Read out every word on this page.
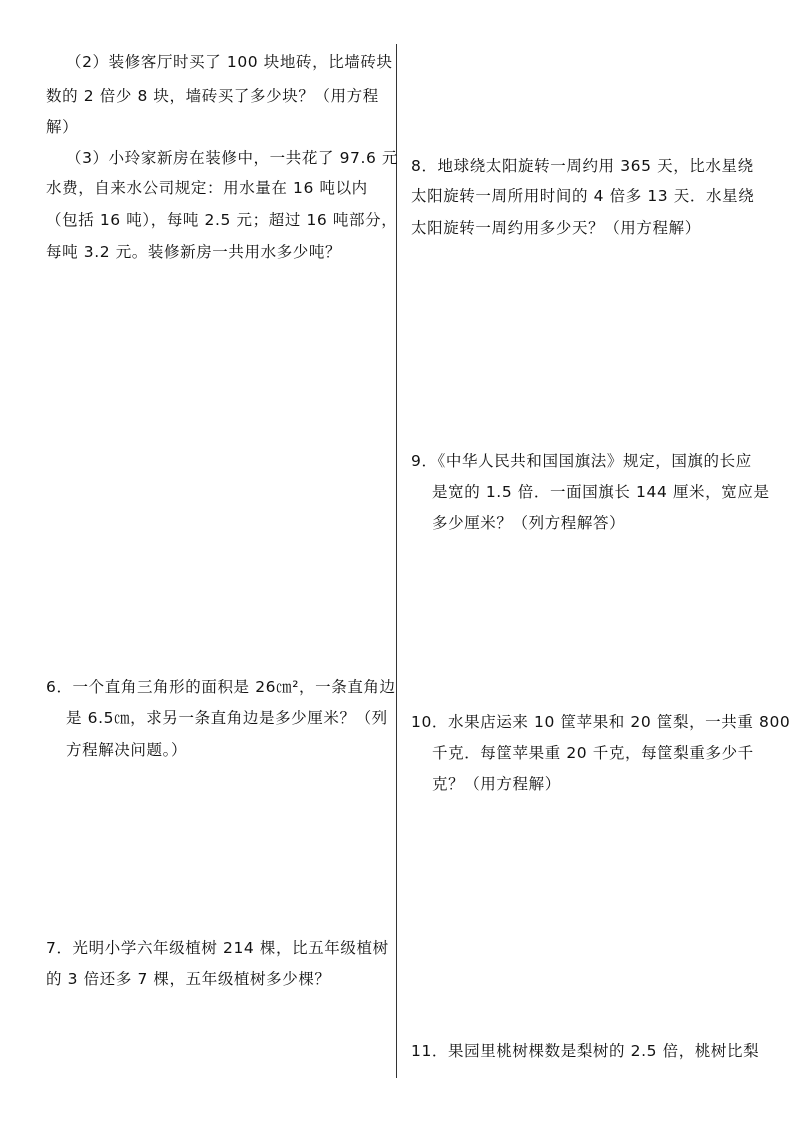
（2）装修客厅时买了 100 块地砖，比墙砖块
数的 2 倍少 8 块，墙砖买了多少块？（用方程
解）
（3）小玲家新房在装修中，一共花了 97.6 元
水费，自来水公司规定：用水量在 16 吨以内
（包括 16 吨），每吨 2.5 元；超过 16 吨部分，
每吨 3.2 元。装修新房一共用水多少吨？
6．一个直角三角形的面积是 26㎝²，一条直角边
是 6.5㎝，求另一条直角边是多少厘米？（列
方程解决问题。）
7．光明小学六年级植树 214 棵，比五年级植树
的 3 倍还多 7 棵，五年级植树多少棵？
8．地球绕太阳旋转一周约用 365 天，比水星绕
太阳旋转一周所用时间的 4 倍多 13 天．水星绕
太阳旋转一周约用多少天？（用方程解）
9．《中华人民共和国国旗法》规定，国旗的长应
是宽的 1.5 倍．一面国旗长 144 厘米，宽应是
多少厘米？（列方程解答）
10．水果店运来 10 筐苹果和 20 筐梨，一共重 800
千克．每筐苹果重 20 千克，每筐梨重多少千
克？（用方程解）
11．果园里桃树棵数是梨树的 2.5 倍，桃树比梨
